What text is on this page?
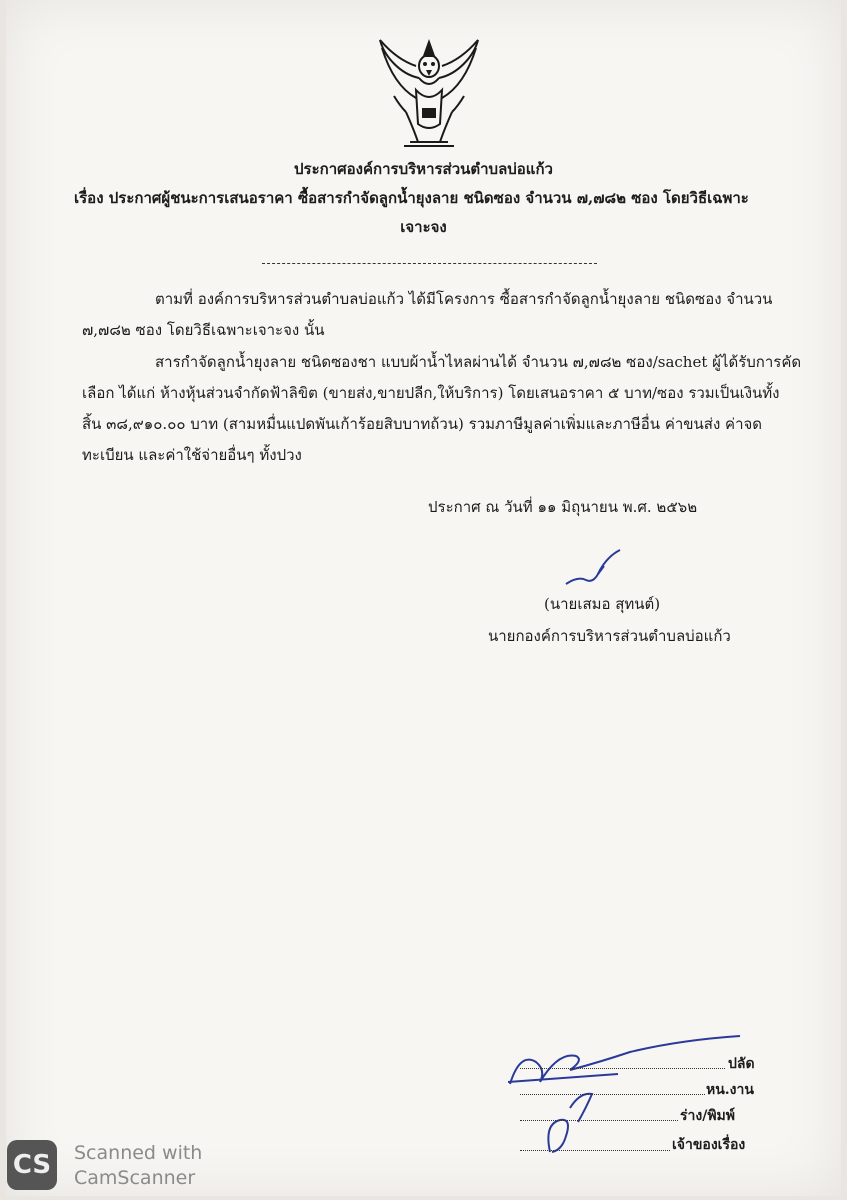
ประกาศองค์การบริหารส่วนตำบลบ่อแก้ว
เรื่อง ประกาศผู้ชนะการเสนอราคา ซื้อสารกำจัดลูกน้ำยุงลาย ชนิดซอง จำนวน ๗,๗๘๒ ซอง โดยวิธีเฉพาะ
เจาะจง
ตามที่ องค์การบริหารส่วนตำบลบ่อแก้ว ได้มีโครงการ ซื้อสารกำจัดลูกน้ำยุงลาย ชนิดซอง จำนวน
๗,๗๘๒ ซอง โดยวิธีเฉพาะเจาะจง นั้น
สารกำจัดลูกน้ำยุงลาย ชนิดซองชา แบบผ้าน้ำไหลผ่านได้ จำนวน ๗,๗๘๒ ซอง/sachet ผู้ได้รับการคัด
เลือก ได้แก่ ห้างหุ้นส่วนจำกัดฟ้าลิขิต (ขายส่ง,ขายปลีก,ให้บริการ) โดยเสนอราคา ๕ บาท/ซอง รวมเป็นเงินทั้ง
สิ้น ๓๘,๙๑๐.๐๐ บาท (สามหมื่นแปดพันเก้าร้อยสิบบาทถ้วน) รวมภาษีมูลค่าเพิ่มและภาษีอื่น ค่าขนส่ง ค่าจด
ทะเบียน และค่าใช้จ่ายอื่นๆ ทั้งปวง
ประกาศ ณ วันที่ ๑๑ มิถุนายน พ.ศ. ๒๕๖๒
(นายเสมอ สุทนต์)
นายกองค์การบริหารส่วนตำบลบ่อแก้ว
ปลัด
หน.งาน
ร่าง/พิมพ์
เจ้าของเรื่อง
CS	Scanned with
CamScanner
